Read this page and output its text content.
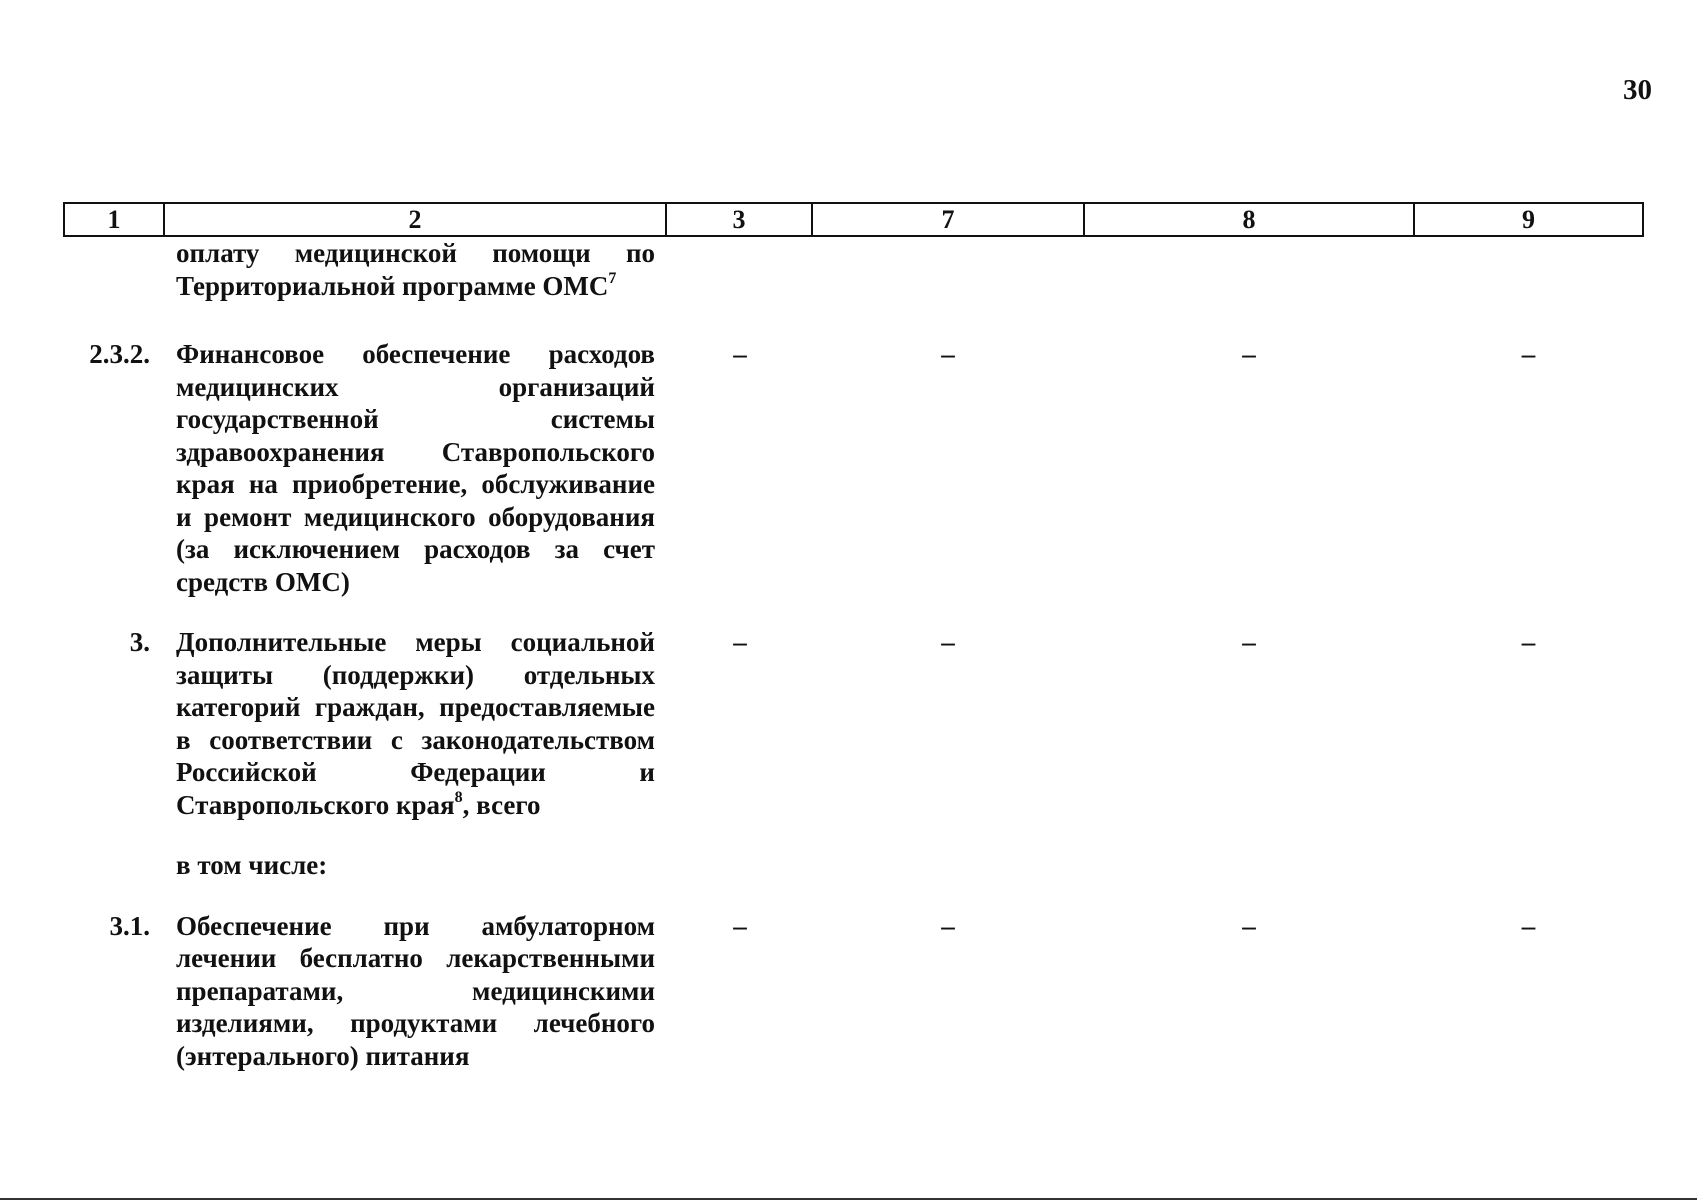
30
1	2	3	7	8	9
	оплату медицинской помощи по Территориальной программе ОМС$^7$				
2.3.2.	Финансовое обеспечение расходов медицинских организаций государственной системы здравоохранения Ставропольского края на приобретение, обслуживание и ремонт медицинского оборудования (за исключением расходов за счет средств ОМС)	–	–	–	–
3.	Дополнительные меры социальной защиты (поддержки) отдельных категорий граждан, предоставляемые в соответствии с законодательством Российской Федерации и Ставропольского края$^8$, всего	–	–	–	–
	в том числе:				
3.1.	Обеспечение при амбулаторном лечении бесплатно лекарственными препаратами, медицинскими изделиями, продуктами лечебного (энтерального) питания	–	–	–	–
